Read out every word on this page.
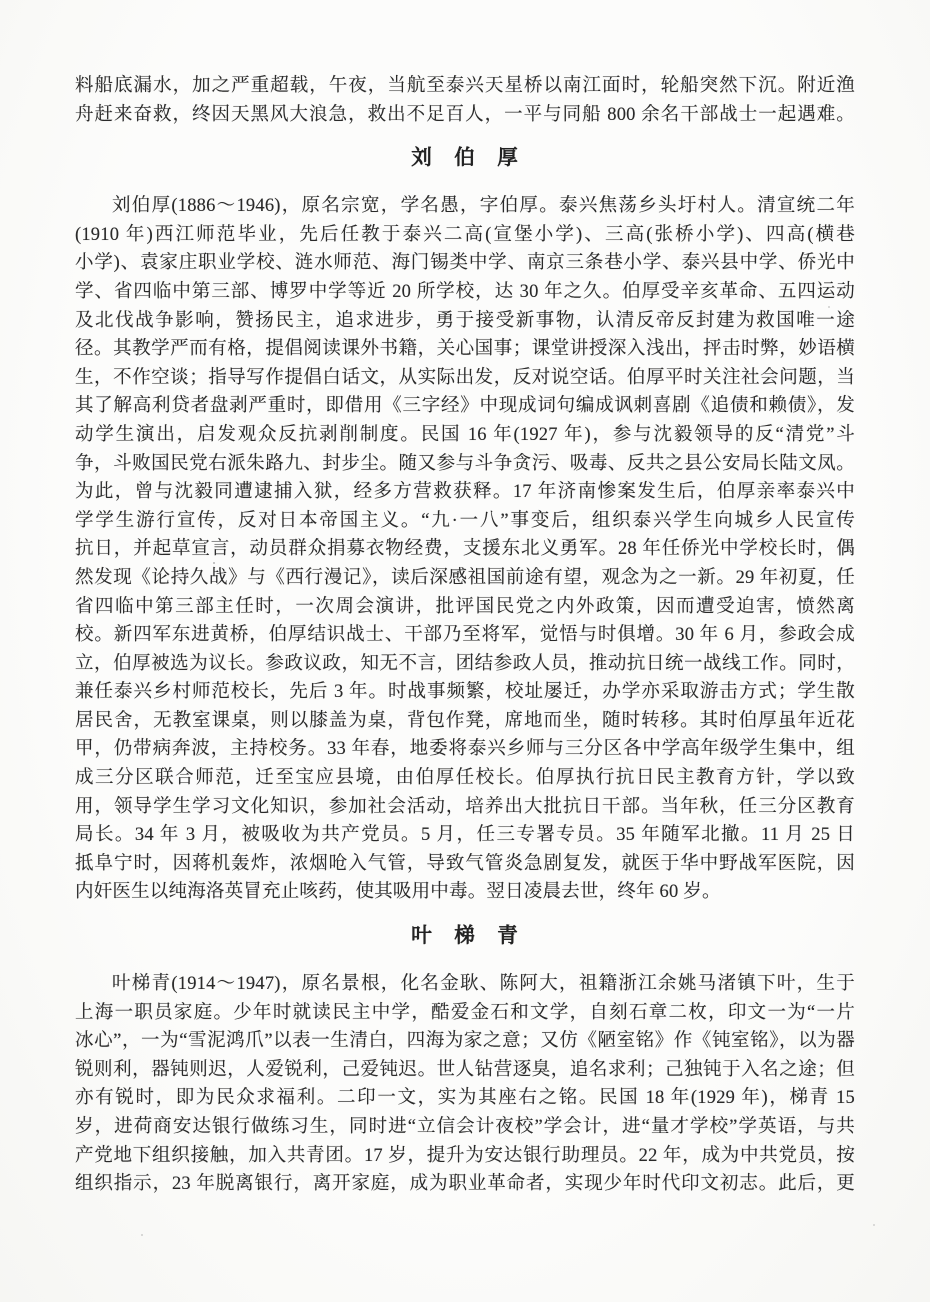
料船底漏水，加之严重超载，午夜，当航至泰兴天星桥以南江面时，轮船突然下沉。附近渔
舟赶来奋救，终因天黑风大浪急，救出不足百人，一平与同船 800 余名干部战士一起遇难。
刘　伯　厚
刘伯厚(1886～1946)，原名宗宽，学名愚，字伯厚。泰兴焦荡乡头圩村人。清宣统二年
(1910 年)西江师范毕业，先后任教于泰兴二高(宣堡小学)、三高(张桥小学)、四高(横巷
小学)、袁家庄职业学校、涟水师范、海门锡类中学、南京三条巷小学、泰兴县中学、侨光中
学、省四临中第三部、博罗中学等近 20 所学校，达 30 年之久。伯厚受辛亥革命、五四运动
及北伐战争影响，赞扬民主，追求进步，勇于接受新事物，认清反帝反封建为救国唯一途
径。其教学严而有格，提倡阅读课外书籍，关心国事；课堂讲授深入浅出，抨击时弊，妙语横
生，不作空谈；指导写作提倡白话文，从实际出发，反对说空话。伯厚平时关注社会问题，当
其了解高利贷者盘剥严重时，即借用《三字经》中现成词句编成讽刺喜剧《追债和赖债》，发
动学生演出，启发观众反抗剥削制度。民国 16 年(1927 年)，参与沈毅领导的反“清党”斗
争，斗败国民党右派朱路九、封步尘。随又参与斗争贪污、吸毒、反共之县公安局长陆文凤。
为此，曾与沈毅同遭逮捕入狱，经多方营救获释。17 年济南惨案发生后，伯厚亲率泰兴中
学学生游行宣传，反对日本帝国主义。“九·一八”事变后，组织泰兴学生向城乡人民宣传
抗日，并起草宣言，动员群众捐募衣物经费，支援东北义勇军。28 年任侨光中学校长时，偶
然发现《论持久战》与《西行漫记》，读后深感祖国前途有望，观念为之一新。29 年初夏，任
省四临中第三部主任时，一次周会演讲，批评国民党之内外政策，因而遭受迫害，愤然离
校。新四军东进黄桥，伯厚结识战士、干部乃至将军，觉悟与时俱增。30 年 6 月，参政会成
立，伯厚被选为议长。参政议政，知无不言，团结参政人员，推动抗日统一战线工作。同时，
兼任泰兴乡村师范校长，先后 3 年。时战事频繁，校址屡迁，办学亦采取游击方式；学生散
居民舍，无教室课桌，则以膝盖为桌，背包作凳，席地而坐，随时转移。其时伯厚虽年近花
甲，仍带病奔波，主持校务。33 年春，地委将泰兴乡师与三分区各中学高年级学生集中，组
成三分区联合师范，迁至宝应县境，由伯厚任校长。伯厚执行抗日民主教育方针，学以致
用，领导学生学习文化知识，参加社会活动，培养出大批抗日干部。当年秋，任三分区教育
局长。34 年 3 月，被吸收为共产党员。5 月，任三专署专员。35 年随军北撤。11 月 25 日
抵阜宁时，因蒋机轰炸，浓烟呛入气管，导致气管炎急剧复发，就医于华中野战军医院，因
内奸医生以纯海洛英冒充止咳药，使其吸用中毒。翌日凌晨去世，终年 60 岁。
叶　梯　青
叶梯青(1914～1947)，原名景根，化名金耿、陈阿大，祖籍浙江余姚马渚镇下叶，生于
上海一职员家庭。少年时就读民主中学，酷爱金石和文学，自刻石章二枚，印文一为“一片
冰心”，一为“雪泥鸿爪”以表一生清白，四海为家之意；又仿《陋室铭》作《钝室铭》，以为器
锐则利，器钝则迟，人爱锐利，己爱钝迟。世人钻营逐臭，追名求利；己独钝于入名之途；但
亦有锐时，即为民众求福利。二印一文，实为其座右之铭。民国 18 年(1929 年)，梯青 15
岁，进荷商安达银行做练习生，同时进“立信会计夜校”学会计，进“量才学校”学英语，与共
产党地下组织接触，加入共青团。17 岁，提升为安达银行助理员。22 年，成为中共党员，按
组织指示，23 年脱离银行，离开家庭，成为职业革命者，实现少年时代印文初志。此后，更
